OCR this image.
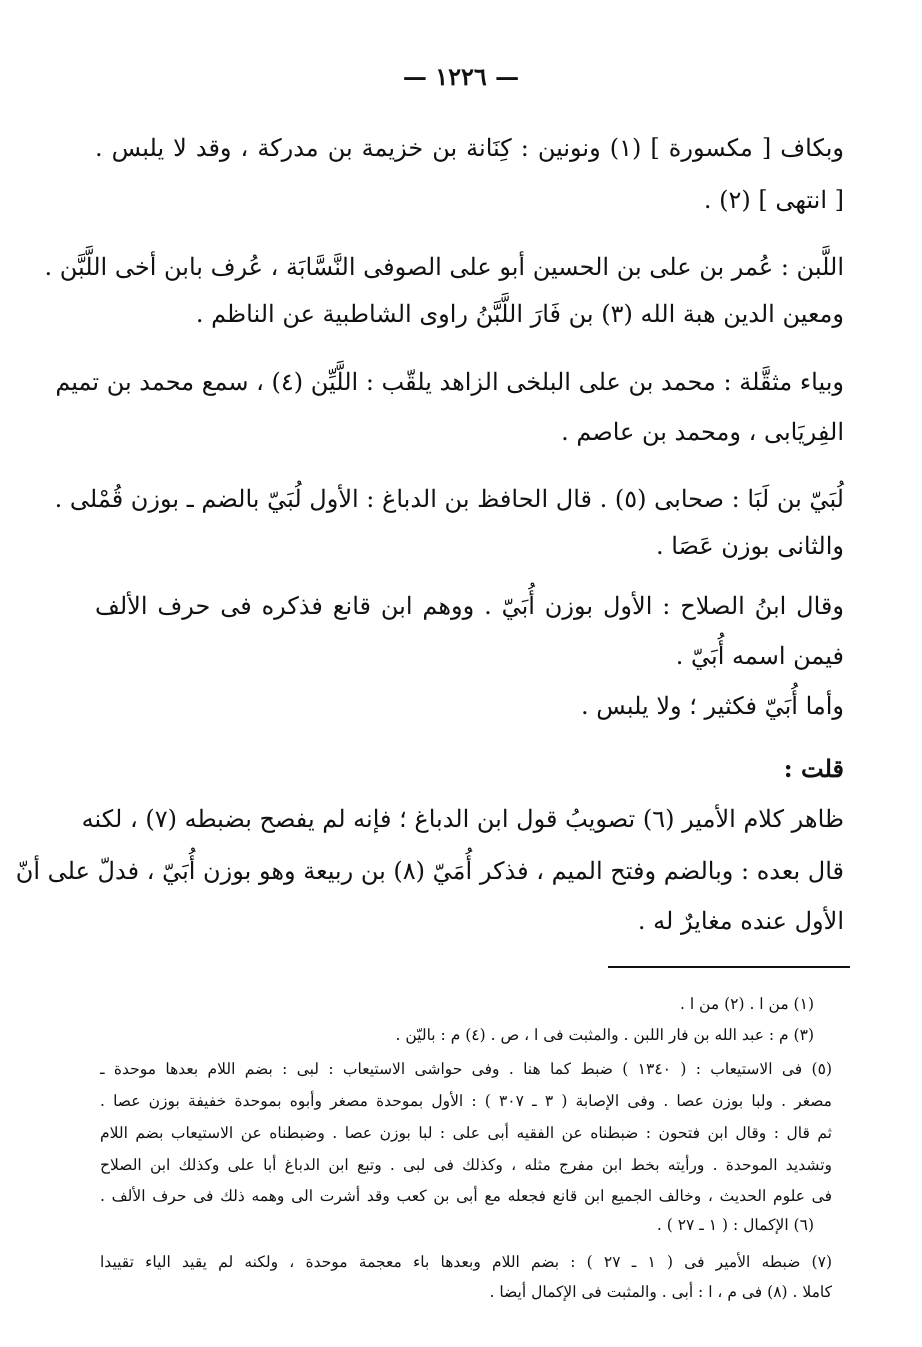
— ١٢٢٦ —
وبكاف [ مكسورة ] (١) ونونين : كِنَانة بن خزيمة بن مدركة ، وقد لا يلبس .
[ انتهى ] (٢) .
اللَّبن : عُمر بن على بن الحسين أبو على الصوفى النَّسَّابَة ، عُرف بابن أخى اللَّبَّن .
ومعين الدين هبة الله (٣) بن فَارَ اللَّبَّنُ راوى الشاطبية عن الناظم .
وبياء مثقَّلة : محمد بن على البلخى الزاهد يلقّب : اللَّيِّن (٤) ، سمع محمد بن تميم
الفِريَابى ، ومحمد بن عاصم .
لُبَيّ بن لَبَا : صحابى (٥) . قال الحافظ بن الدباغ : الأول لُبَيّ بالضم ـ بوزن قُمْلى .
والثانى بوزن عَصَا .
وقال ابنُ الصلاح : الأول بوزن أُبَيّ . ووهم ابن قانع فذكره فى حرف الألف
فيمن اسمه أُبَيّ .
وأما أُبَيّ فكثير ؛ ولا يلبس .
قلت :
ظاهر كلام الأمير (٦) تصويبُ قول ابن الدباغ ؛ فإنه لم يفصح بضبطه (٧) ، لكنه
قال بعده : وبالضم وفتح الميم ، فذكر أُمَيّ (٨) بن ربيعة وهو بوزن أُبَيّ ، فدلّ على أنّ
الأول عنده مغايرٌ له .
(١) من ا . (٢) من ا .
(٣) م : عبد الله بن فار اللبن . والمثبت فى ا ، ص . (٤) م : باليّن .
(٥) فى الاستيعاب : ( ١٣٤٠ ) ضبط كما هنا . وفى حواشى الاستيعاب : لبى : بضم اللام بعدها موحدة ـ
مصغر . ولبا بوزن عصا . وفى الإصابة ( ٣ ـ ٣٠٧ ) : الأول بموحدة مصغر وأبوه بموحدة خفيفة بوزن عصا .
ثم قال : وقال ابن فتحون : ضبطناه عن الفقيه أبى على : لبا بوزن عصا . وضبطناه عن الاستيعاب بضم اللام
وتشديد الموحدة . ورأيته بخط ابن مفرج مثله ، وكذلك فى لبى . وتبع ابن الدباغ أبا على وكذلك ابن الصلاح
فى علوم الحديث ، وخالف الجميع ابن قانع فجعله مع أبى بن كعب وقد أشرت الى وهمه ذلك فى حرف الألف .
(٦) الإكمال : ( ١ ـ ٢٧ ) .
(٧) ضبطه الأمير فى ( ١ ـ ٢٧ ) : بضم اللام وبعدها باء معجمة موحدة ، ولكنه لم يقيد الياء تقييدا
كاملا . (٨) فى م ، ا : أبى . والمثبت فى الإكمال أيضا .
